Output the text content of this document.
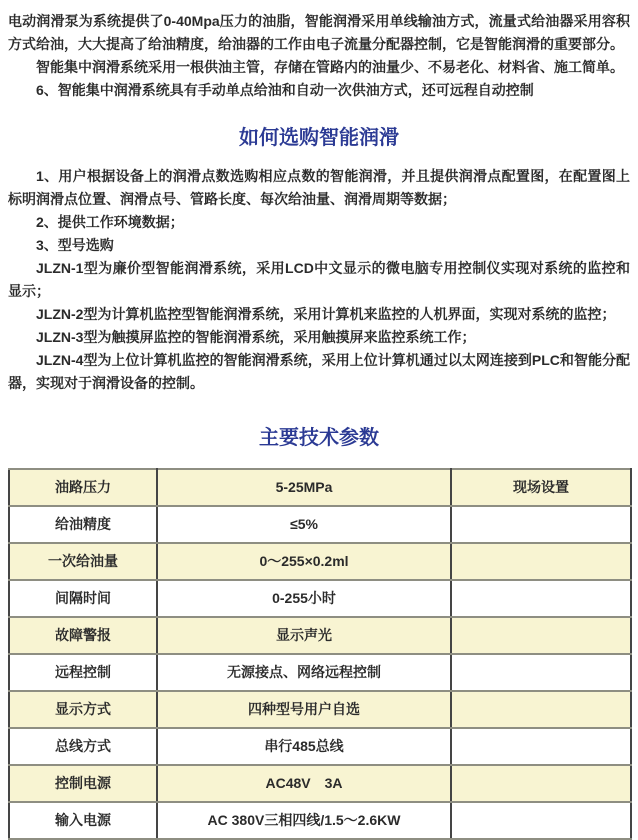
电动润滑泵为系统提供了0-40Mpa压力的油脂，智能润滑采用单线输油方式，流量式给油器采用容积方式给油，大大提高了给油精度，给油器的工作由电子流量分配器控制，它是智能润滑的重要部分。

智能集中润滑系统采用一根供油主管，存储在管路内的油量少、不易老化、材料省、施工简单。

6、智能集中润滑系统具有手动单点给油和自动一次供油方式，还可远程自动控制

如何选购智能润滑

1、用户根据设备上的润滑点数选购相应点数的智能润滑，并且提供润滑点配置图，在配置图上标明润滑点位置、润滑点号、管路长度、每次给油量、润滑周期等数据；

2、提供工作环境数据；

3、型号选购

JLZN-1型为廉价型智能润滑系统，采用LCD中文显示的微电脑专用控制仪实现对系统的监控和显示；

JLZN-2型为计算机监控型智能润滑系统，采用计算机来监控的人机界面，实现对系统的监控；

JLZN-3型为触摸屏监控的智能润滑系统，采用触摸屏来监控系统工作；

JLZN-4型为上位计算机监控的智能润滑系统，采用上位计算机通过以太网连接到PLC和智能分配器，实现对于润滑设备的控制。

主要技术参数
油路压力	5-25MPa	现场设置
给油精度	≤5%	
一次给油量	0～255×0.2ml	
间隔时间	0-255小时	
故障警报	显示声光	
远程控制	无源接点、网络远程控制	
显示方式	四种型号用户自选	
总线方式	串行485总线	
控制电源	AC48V　3A	
输入电源	AC 380V三相四线/1.5～2.6KW	
